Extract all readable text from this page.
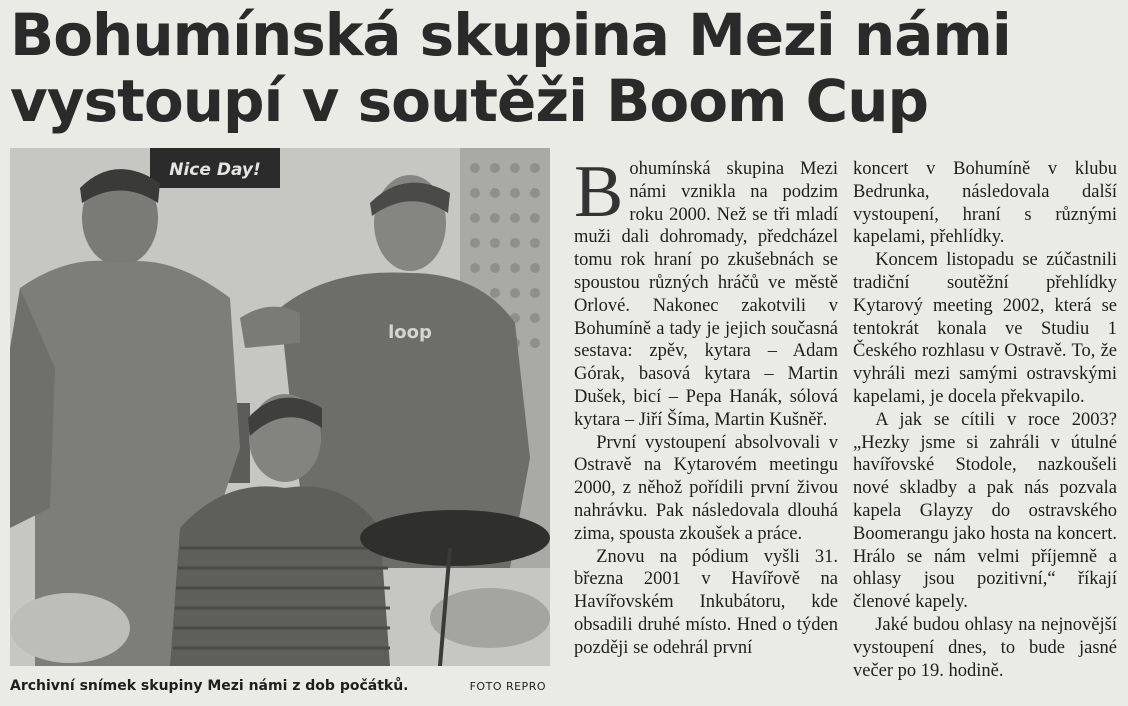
Bohumínská skupina Mezi námi
vystoupí v soutěži Boom Cup
Nice Day!
loop
Archivní snímek skupiny Mezi námi z dob počátků.	FOTO REPRO

Bohumínská skupina Mezi námi vznikla na podzim roku 2000. Než se tři mladí muži dali dohromady, předcházel tomu rok hraní po zkušebnách se spoustou různých hráčů ve městě Orlové. Nakonec zakotvili v Bohumíně a tady je jejich současná sestava: zpěv, kytara – Adam Górak, basová kytara – Martin Dušek, bicí – Pepa Hanák, sólová kytara – Jiří Šíma, Martin Kušněř.

První vystoupení absolvovali v Ostravě na Kytarovém meetingu 2000, z něhož pořídili první živou nahrávku. Pak následovala dlouhá zima, spousta zkoušek a práce.

Znovu na pódium vyšli 31. března 2001 v Havířově na Havířovském Inkubátoru, kde obsadili druhé místo. Hned o týden později se odehrál první

koncert v Bohumíně v klubu Bedrunka, následovala další vystoupení, hraní s různými kapelami, přehlídky.

Koncem listopadu se zúčastnili tradiční soutěžní přehlídky Kytarový meeting 2002, která se tentokrát konala ve Studiu 1 Českého rozhlasu v Ostravě. To, že vyhráli mezi samými ostravskými kapelami, je docela překvapilo.

A jak se cítili v roce 2003? „Hezky jsme si zahráli v útulné havířovské Stodole, nazkoušeli nové skladby a pak nás pozvala kapela Glayzy do ostravského Boomerangu jako hosta na koncert. Hrálo se nám velmi příjemně a ohlasy jsou pozitivní,“ říkají členové kapely.

Jaké budou ohlasy na nejnovější vystoupení dnes, to bude jasné večer po 19. hodině.
